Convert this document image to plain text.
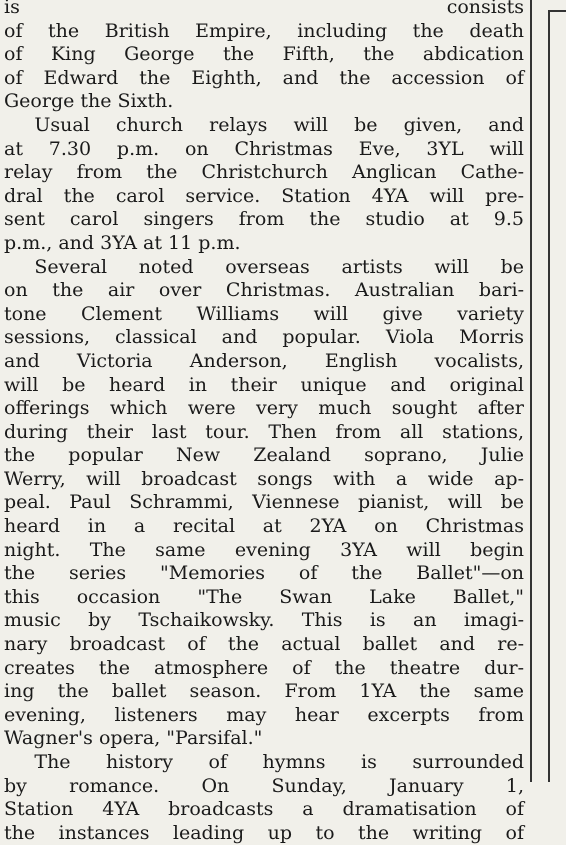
is consists
of the British Empire, including the death
of King George the Fifth, the abdication
of Edward the Eighth, and the accession of
George the Sixth.
Usual church relays will be given, and
at 7.30 p.m. on Christmas Eve, 3YL will
relay from the Christchurch Anglican Cathe-
dral the carol service. Station 4YA will pre-
sent carol singers from the studio at 9.5
p.m., and 3YA at 11 p.m.
Several noted overseas artists will be
on the air over Christmas. Australian bari-
tone Clement Williams will give variety
sessions, classical and popular. Viola Morris
and Victoria Anderson, English vocalists,
will be heard in their unique and original
offerings which were very much sought after
during their last tour. Then from all stations,
the popular New Zealand soprano, Julie
Werry, will broadcast songs with a wide ap-
peal. Paul Schrammi, Viennese pianist, will be
heard in a recital at 2YA on Christmas
night. The same evening 3YA will begin
the series "Memories of the Ballet"—on
this occasion "The Swan Lake Ballet,"
music by Tschaikowsky. This is an imagi-
nary broadcast of the actual ballet and re-
creates the atmosphere of the theatre dur-
ing the ballet season. From 1YA the same
evening, listeners may hear excerpts from
Wagner's opera, "Parsifal."
The history of hymns is surrounded
by romance. On Sunday, January 1,
Station 4YA broadcasts a dramatisation of
the instances leading up to the writing of
